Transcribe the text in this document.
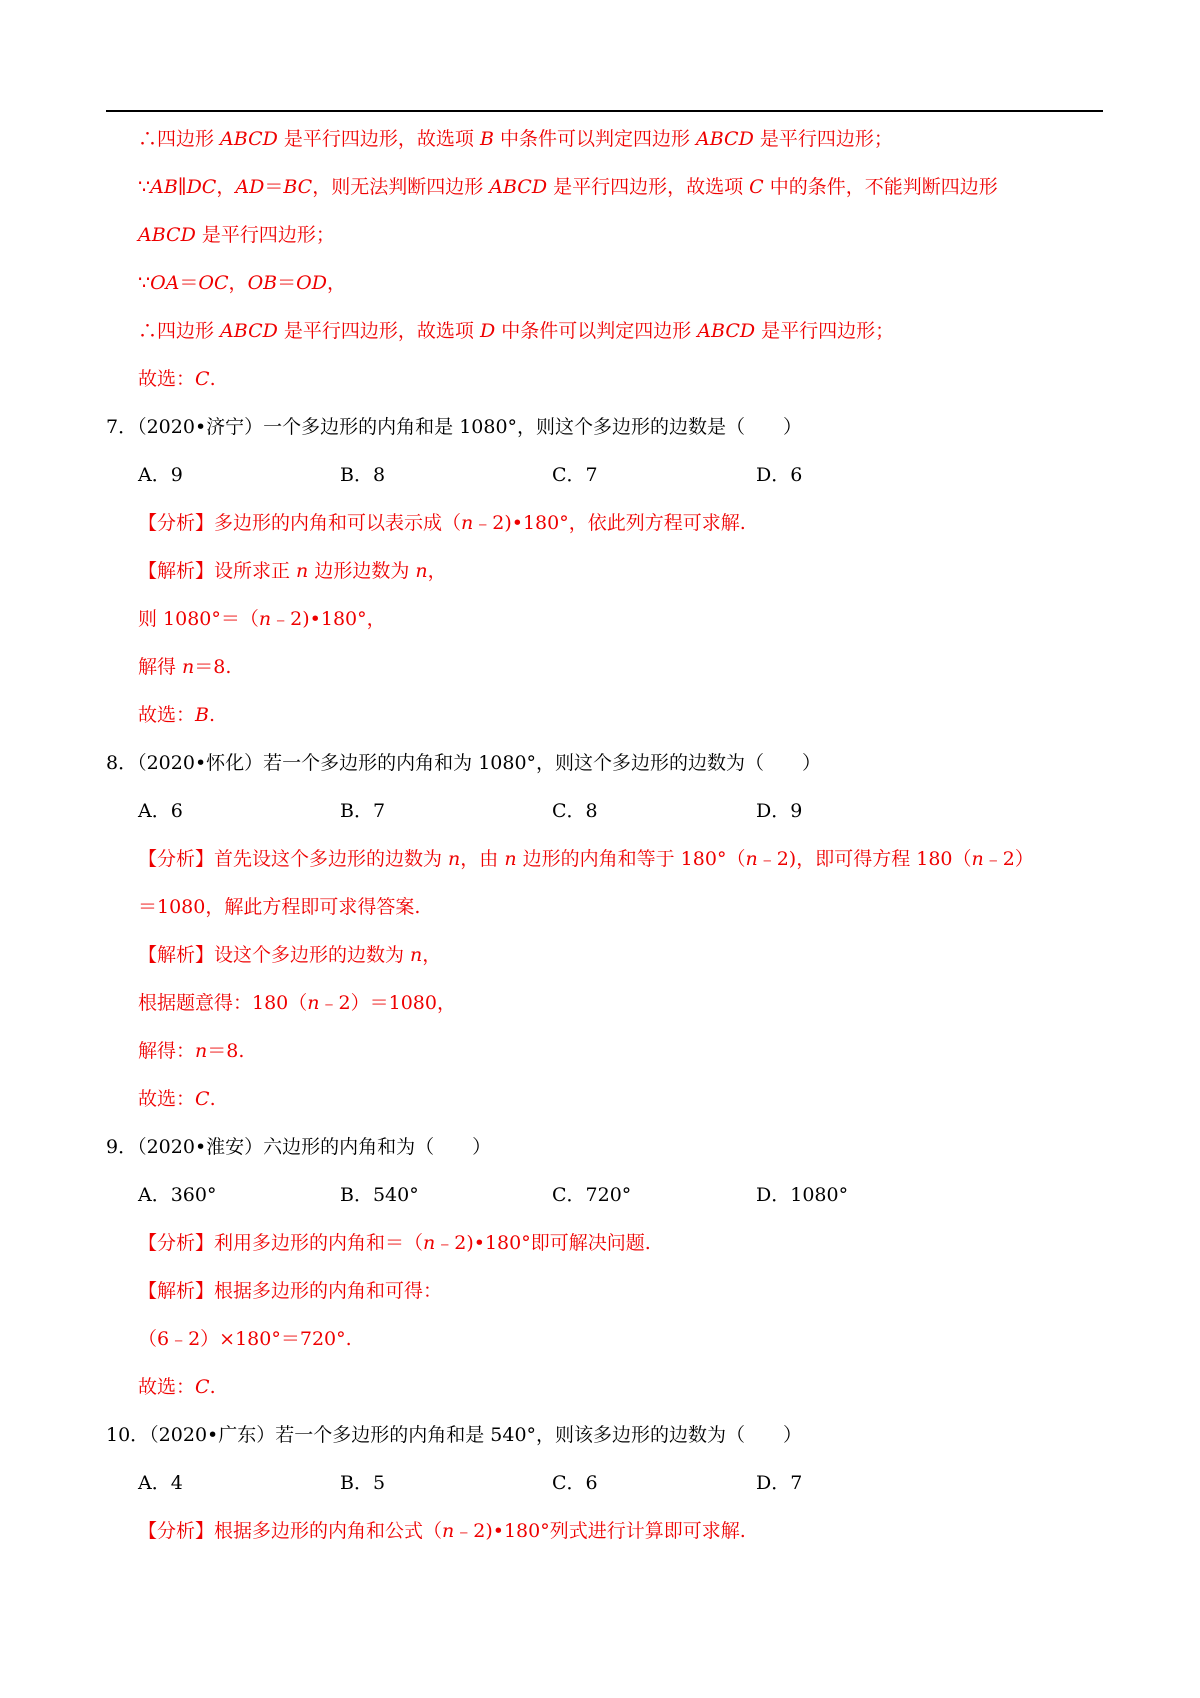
∴四边形 ABCD 是平行四边形，故选项 B 中条件可以判定四边形 ABCD 是平行四边形；
∵AB∥DC，AD＝BC，则无法判断四边形 ABCD 是平行四边形，故选项 C 中的条件，不能判断四边形
ABCD 是平行四边形；
∵OA＝OC，OB＝OD，
∴四边形 ABCD 是平行四边形，故选项 D 中条件可以判定四边形 ABCD 是平行四边形；
故选：C.
7．（2020•济宁）一个多边形的内角和是 1080°，则这个多边形的边数是（　　）
A．9	B．8	C．7	D．6
【分析】多边形的内角和可以表示成（n﹣2)•180°，依此列方程可求解.
【解析】设所求正 n 边形边数为 n，
则 1080°＝（n﹣2)•180°，
解得 n＝8.
故选：B.
8．（2020•怀化）若一个多边形的内角和为 1080°，则这个多边形的边数为（　　）
A．6	B．7	C．8	D．9
【分析】首先设这个多边形的边数为 n，由 n 边形的内角和等于 180°（n﹣2)，即可得方程 180（n﹣2）
＝1080，解此方程即可求得答案.
【解析】设这个多边形的边数为 n，
根据题意得：180（n﹣2）＝1080，
解得：n＝8.
故选：C.
9．（2020•淮安）六边形的内角和为（　　）
A．360°	B．540°	C．720°	D．1080°
【分析】利用多边形的内角和＝（n﹣2)•180°即可解决问题.
【解析】根据多边形的内角和可得：
（6﹣2）×180°＝720°.
故选：C.
10．（2020•广东）若一个多边形的内角和是 540°，则该多边形的边数为（　　）
A．4	B．5	C．6	D．7
【分析】根据多边形的内角和公式（n﹣2)•180°列式进行计算即可求解.
